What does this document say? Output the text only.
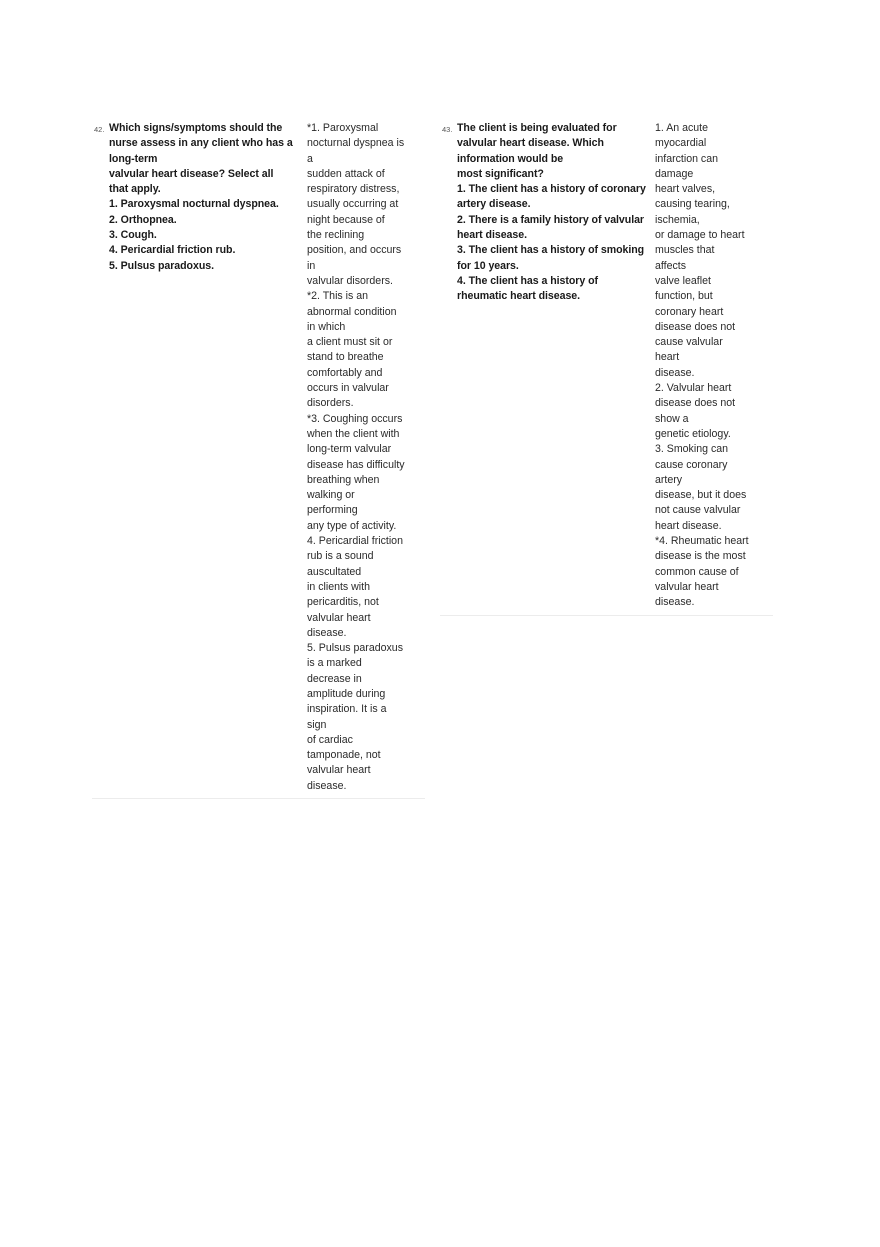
42. Which signs/symptoms should the
nurse assess in any client who has a
long-term
valvular heart disease? Select all
that apply.
1. Paroxysmal nocturnal dyspnea.
2. Orthopnea.
3. Cough.
4. Pericardial friction rub.
5. Pulsus paradoxus.
*1. Paroxysmal
nocturnal dyspnea is
a
sudden attack of
respiratory distress,
usually occurring at
night because of
the reclining
position, and occurs
in
valvular disorders.
*2. This is an
abnormal condition
in which
a client must sit or
stand to breathe
comfortably and
occurs in valvular
disorders.
*3. Coughing occurs
when the client with
long-term valvular
disease has difficulty
breathing when
walking or
performing
any type of activity.
4. Pericardial friction
rub is a sound
auscultated
in clients with
pericarditis, not
valvular heart
disease.
5. Pulsus paradoxus
is a marked
decrease in
amplitude during
inspiration. It is a
sign
of cardiac
tamponade, not
valvular heart
disease.
43. The client is being evaluated for
valvular heart disease. Which
information would be
most significant?
1. The client has a history of coronary
artery disease.
2. There is a family history of valvular
heart disease.
3. The client has a history of smoking
for 10 years.
4. The client has a history of
rheumatic heart disease.
1. An acute
myocardial
infarction can
damage
heart valves,
causing tearing,
ischemia,
or damage to heart
muscles that
affects
valve leaflet
function, but
coronary heart
disease does not
cause valvular
heart
disease.
2. Valvular heart
disease does not
show a
genetic etiology.
3. Smoking can
cause coronary
artery
disease, but it does
not cause valvular
heart disease.
*4. Rheumatic heart
disease is the most
common cause of
valvular heart
disease.
